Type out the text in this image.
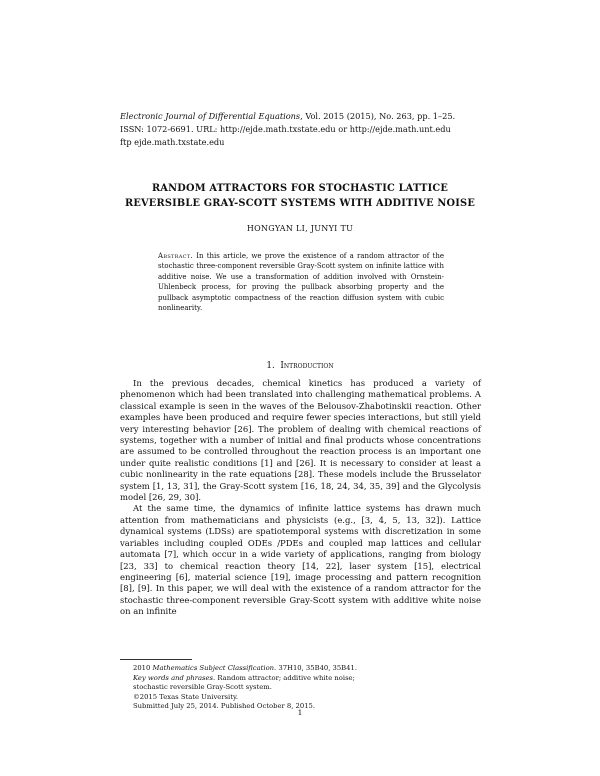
Electronic Journal of Differential Equations, Vol. 2015 (2015), No. 263, pp. 1–25.
ISSN: 1072-6691. URL: http://ejde.math.txstate.edu or http://ejde.math.unt.edu
ftp ejde.math.txstate.edu
RANDOM ATTRACTORS FOR STOCHASTIC LATTICE
REVERSIBLE GRAY-SCOTT SYSTEMS WITH ADDITIVE NOISE
HONGYAN LI, JUNYI TU
Abstract. In this article, we prove the existence of a random attractor of the stochastic three-component reversible Gray-Scott system on infinite lattice with additive noise. We use a transformation of addition involved with Ornstein-Uhlenbeck process, for proving the pullback absorbing property and the pullback asymptotic compactness of the reaction diffusion system with cubic nonlinearity.
1. Introduction

In the previous decades, chemical kinetics has produced a variety of phenomenon which had been translated into challenging mathematical problems. A classical example is seen in the waves of the Belousov-Zhabotinskii reaction. Other examples have been produced and require fewer species interactions, but still yield very interesting behavior [26]. The problem of dealing with chemical reactions of systems, together with a number of initial and final products whose concentrations are assumed to be controlled throughout the reaction process is an important one under quite realistic conditions [1] and [26]. It is necessary to consider at least a cubic nonlinearity in the rate equations [28]. These models include the Brusselator system [1, 13, 31], the Gray-Scott system [16, 18, 24, 34, 35, 39] and the Glycolysis model [26, 29, 30].

At the same time, the dynamics of infinite lattice systems has drawn much attention from mathematicians and physicists (e.g., [3, 4, 5, 13, 32]). Lattice dynamical systems (LDSs) are spatiotemporal systems with discretization in some variables including coupled ODEs /PDEs and coupled map lattices and cellular automata [7], which occur in a wide variety of applications, ranging from biology [23, 33] to chemical reaction theory [14, 22], laser system [15], electrical engineering [6], material science [19], image processing and pattern recognition [8], [9]. In this paper, we will deal with the existence of a random attractor for the stochastic three-component reversible Gray-Scott system with additive white noise on an infinite

2010 Mathematics Subject Classification. 37H10, 35B40, 35B41.
Key words and phrases. Random attractor; additive white noise;
stochastic reversible Gray-Scott system.
©2015 Texas State University.
Submitted July 25, 2014. Published October 8, 2015.
1
